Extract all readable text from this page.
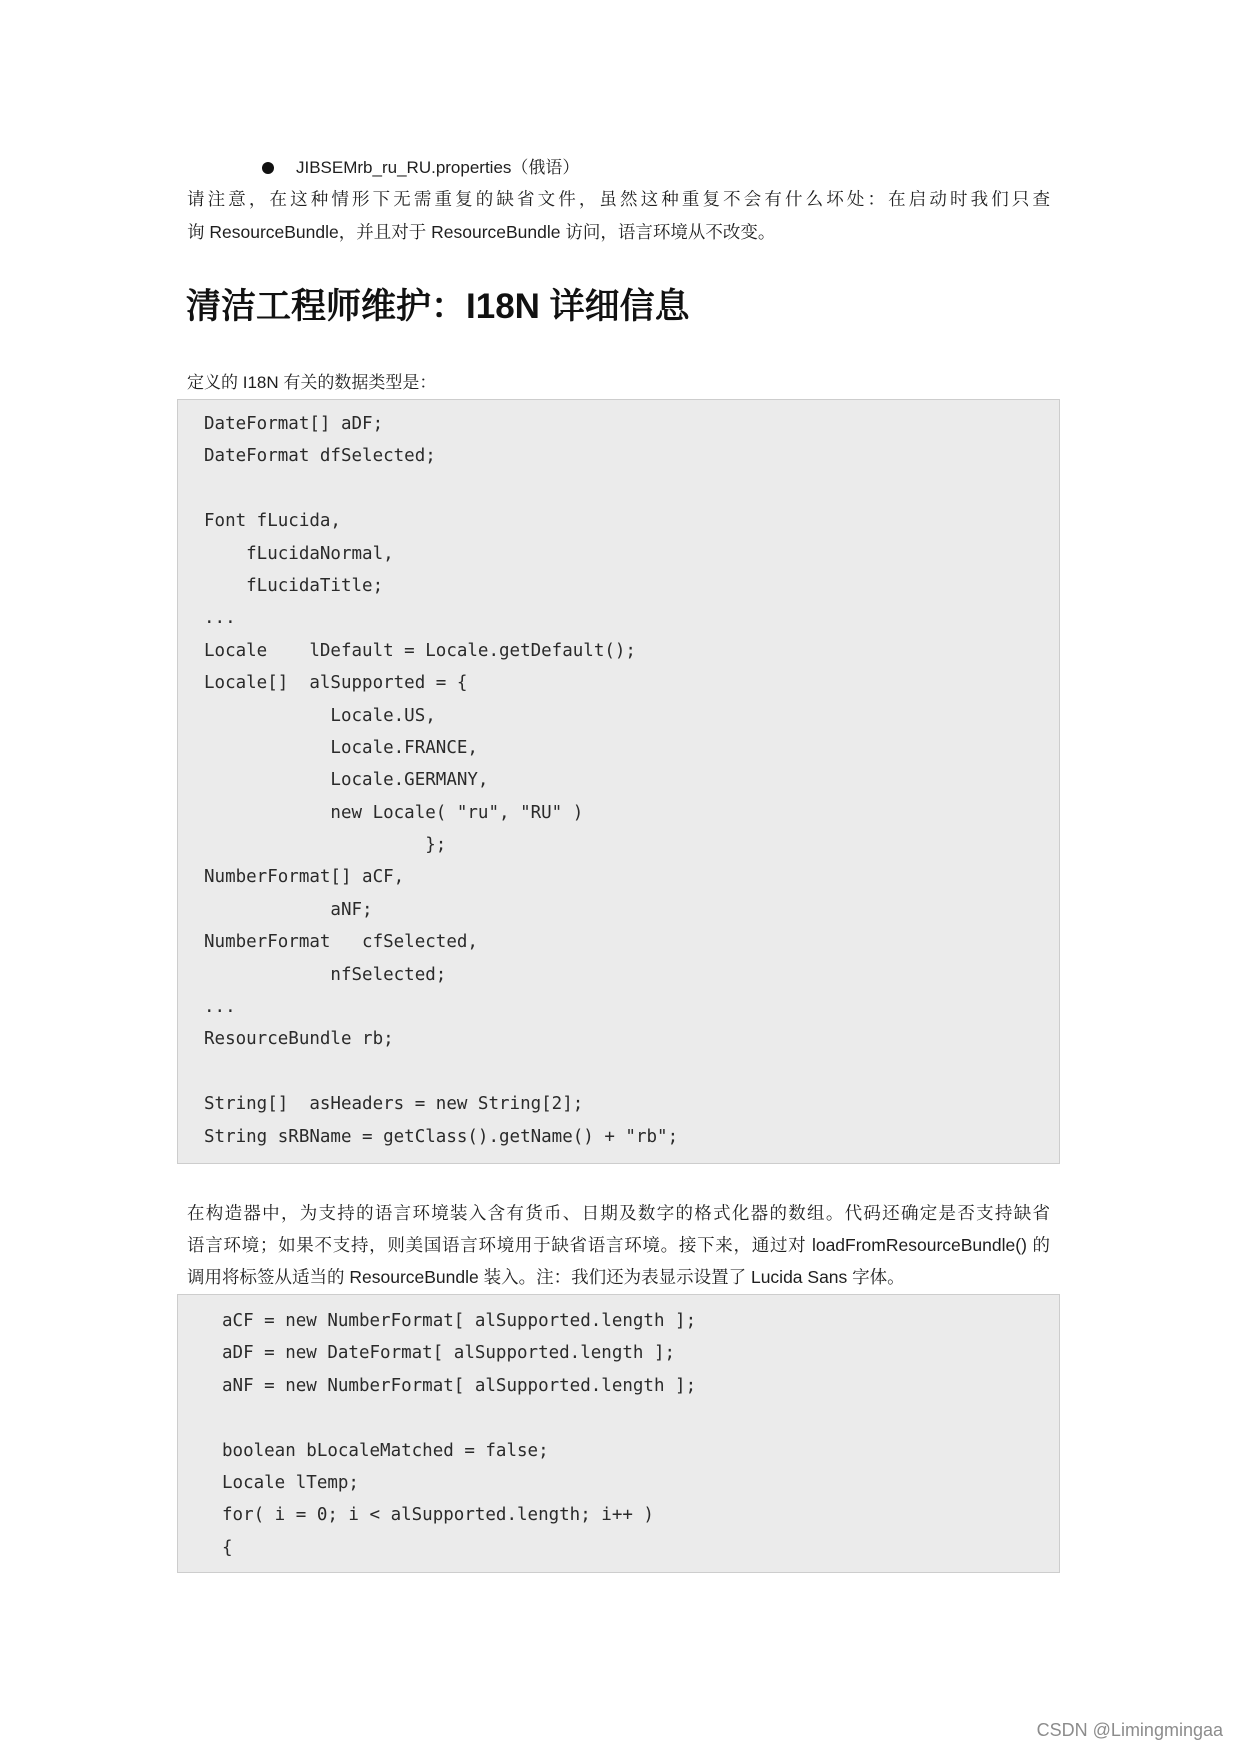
JIBSEMrb_ru_RU.properties（俄语）
请注意，在这种情形下无需重复的缺省文件，虽然这种重复不会有什么坏处：在启动时我们只查
询 ResourceBundle，并且对于 ResourceBundle 访问，语言环境从不改变。
清洁工程师维护：I18N 详细信息
定义的 I18N 有关的数据类型是：
DateFormat[] aDF;
DateFormat dfSelected;
Font fLucida,
fLucidaNormal,
fLucidaTitle;
...
Locale    lDefault = Locale.getDefault();
Locale[]  alSupported = {
Locale.US,
Locale.FRANCE,
Locale.GERMANY,
new Locale( "ru", "RU" )
};
NumberFormat[] aCF,
aNF;
NumberFormat   cfSelected,
nfSelected;
...
ResourceBundle rb;
String[]  asHeaders = new String[2];
String sRBName = getClass().getName() + "rb";
在构造器中，为支持的语言环境装入含有货币、日期及数字的格式化器的数组。代码还确定是否支持缺省
语言环境；如果不支持，则美国语言环境用于缺省语言环境。接下来，通过对 loadFromResourceBundle() 的
调用将标签从适当的 ResourceBundle 装入。注：我们还为表显示设置了 Lucida Sans 字体。
aCF = new NumberFormat[ alSupported.length ];
aDF = new DateFormat[ alSupported.length ];
aNF = new NumberFormat[ alSupported.length ];
boolean bLocaleMatched = false;
Locale lTemp;
for( i = 0; i < alSupported.length; i++ )
{
CSDN @Limingmingaa
